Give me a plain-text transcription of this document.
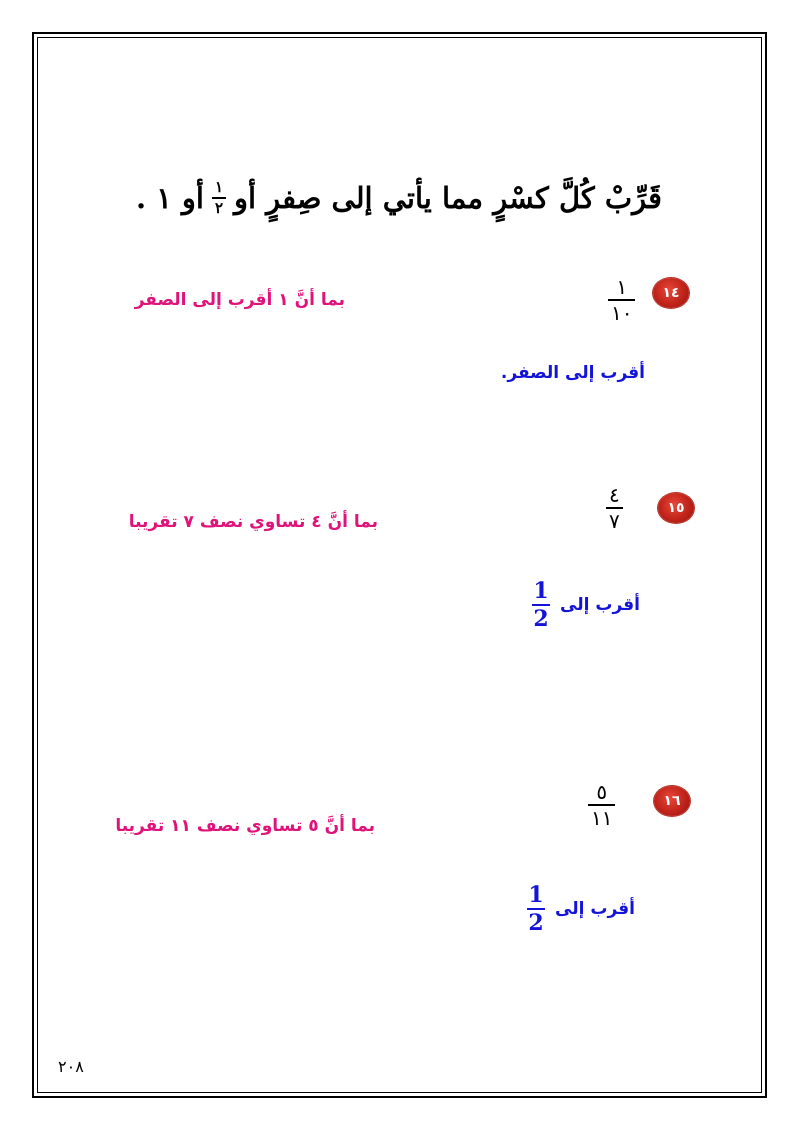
قَرِّبْ كُلَّ كسْرٍ مما يأتي إلى صِفرٍ أو
$\frac{١}{٢}$
أو ١ .
١٤
١
١٠
بما أنَّ ١ أقرب إلى الصفر
أقرب إلى الصفر.
١٥
٤
٧
بما أنَّ ٤ تساوي نصف ٧ تقريبا
أقرب إلى
$\frac{1}{2}$
١٦
٥
١١
بما أنَّ ٥ تساوي نصف ١١ تقريبا
أقرب إلى
$\frac{1}{2}$
٢٠٨
